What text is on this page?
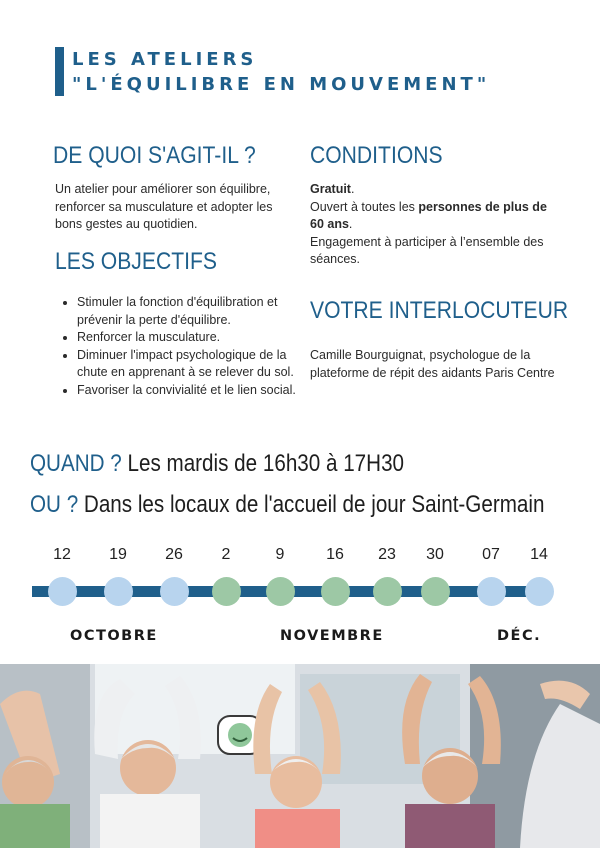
LES ATELIERS
"L'ÉQUILIBRE EN MOUVEMENT"
DE QUOI S'AGIT-IL ?
Un atelier pour améliorer son équilibre, renforcer sa musculature et adopter les bons gestes au quotidien.
LES OBJECTIFS
• Stimuler la fonction d'équilibration et prévenir la perte d'équilibre.
• Renforcer la musculature.
• Diminuer l'impact psychologique de la chute en apprenant à se relever du sol.
• Favoriser la convivialité et le lien social.
CONDITIONS
Gratuit.
Ouvert à toutes les personnes de plus de 60 ans.
Engagement à participer à l’ensemble des séances.
VOTRE INTERLOCUTEUR
Camille Bourguignat, psychologue de la plateforme de répit des aidants Paris Centre
QUAND ? Les mardis de 16h30 à 17H30
OU ? Dans les locaux de l'accueil de jour Saint-Germain
12	19	26	2	9	16	23	30	07	14
OCTOBRE	NOVEMBRE	DÉC.
